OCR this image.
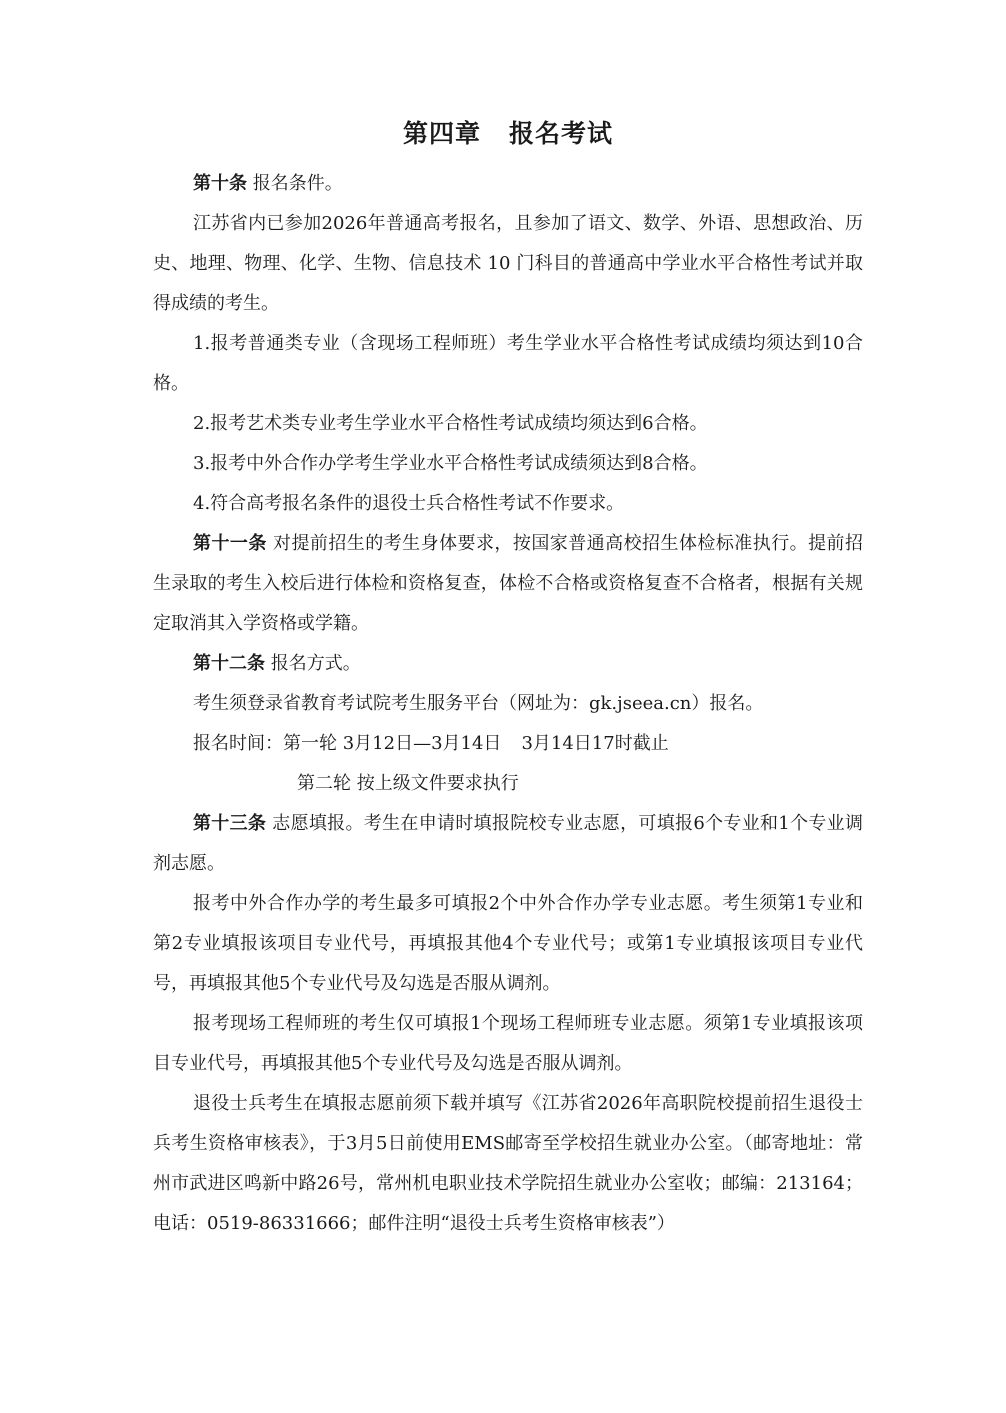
第四章 报名考试

第十条 报名条件。

江苏省内已参加2026年普通高考报名，且参加了语文、数学、外语、思想政治、历史、地理、物理、化学、生物、信息技术 10 门科目的普通高中学业水平合格性考试并取得成绩的考生。

1.报考普通类专业（含现场工程师班）考生学业水平合格性考试成绩均须达到10合格。

2.报考艺术类专业考生学业水平合格性考试成绩均须达到6合格。

3.报考中外合作办学考生学业水平合格性考试成绩须达到8合格。

4.符合高考报名条件的退役士兵合格性考试不作要求。

第十一条 对提前招生的考生身体要求，按国家普通高校招生体检标准执行。提前招生录取的考生入校后进行体检和资格复查，体检不合格或资格复查不合格者，根据有关规定取消其入学资格或学籍。

第十二条 报名方式。

考生须登录省教育考试院考生服务平台（网址为：gk.jseea.cn）报名。

报名时间：第一轮 3月12日—3月14日 3月14日17时截止

第二轮 按上级文件要求执行

第十三条 志愿填报。考生在申请时填报院校专业志愿，可填报6个专业和1个专业调剂志愿。

报考中外合作办学的考生最多可填报2个中外合作办学专业志愿。考生须第1专业和第2专业填报该项目专业代号，再填报其他4个专业代号；或第1专业填报该项目专业代号，再填报其他5个专业代号及勾选是否服从调剂。

报考现场工程师班的考生仅可填报1个现场工程师班专业志愿。须第1专业填报该项目专业代号，再填报其他5个专业代号及勾选是否服从调剂。

退役士兵考生在填报志愿前须下载并填写《江苏省2026年高职院校提前招生退役士兵考生资格审核表》，于3月5日前使用EMS邮寄至学校招生就业办公室。（邮寄地址：常州市武进区鸣新中路26号，常州机电职业技术学院招生就业办公室收；邮编：213164；电话：0519-86331666；邮件注明“退役士兵考生资格审核表”）
